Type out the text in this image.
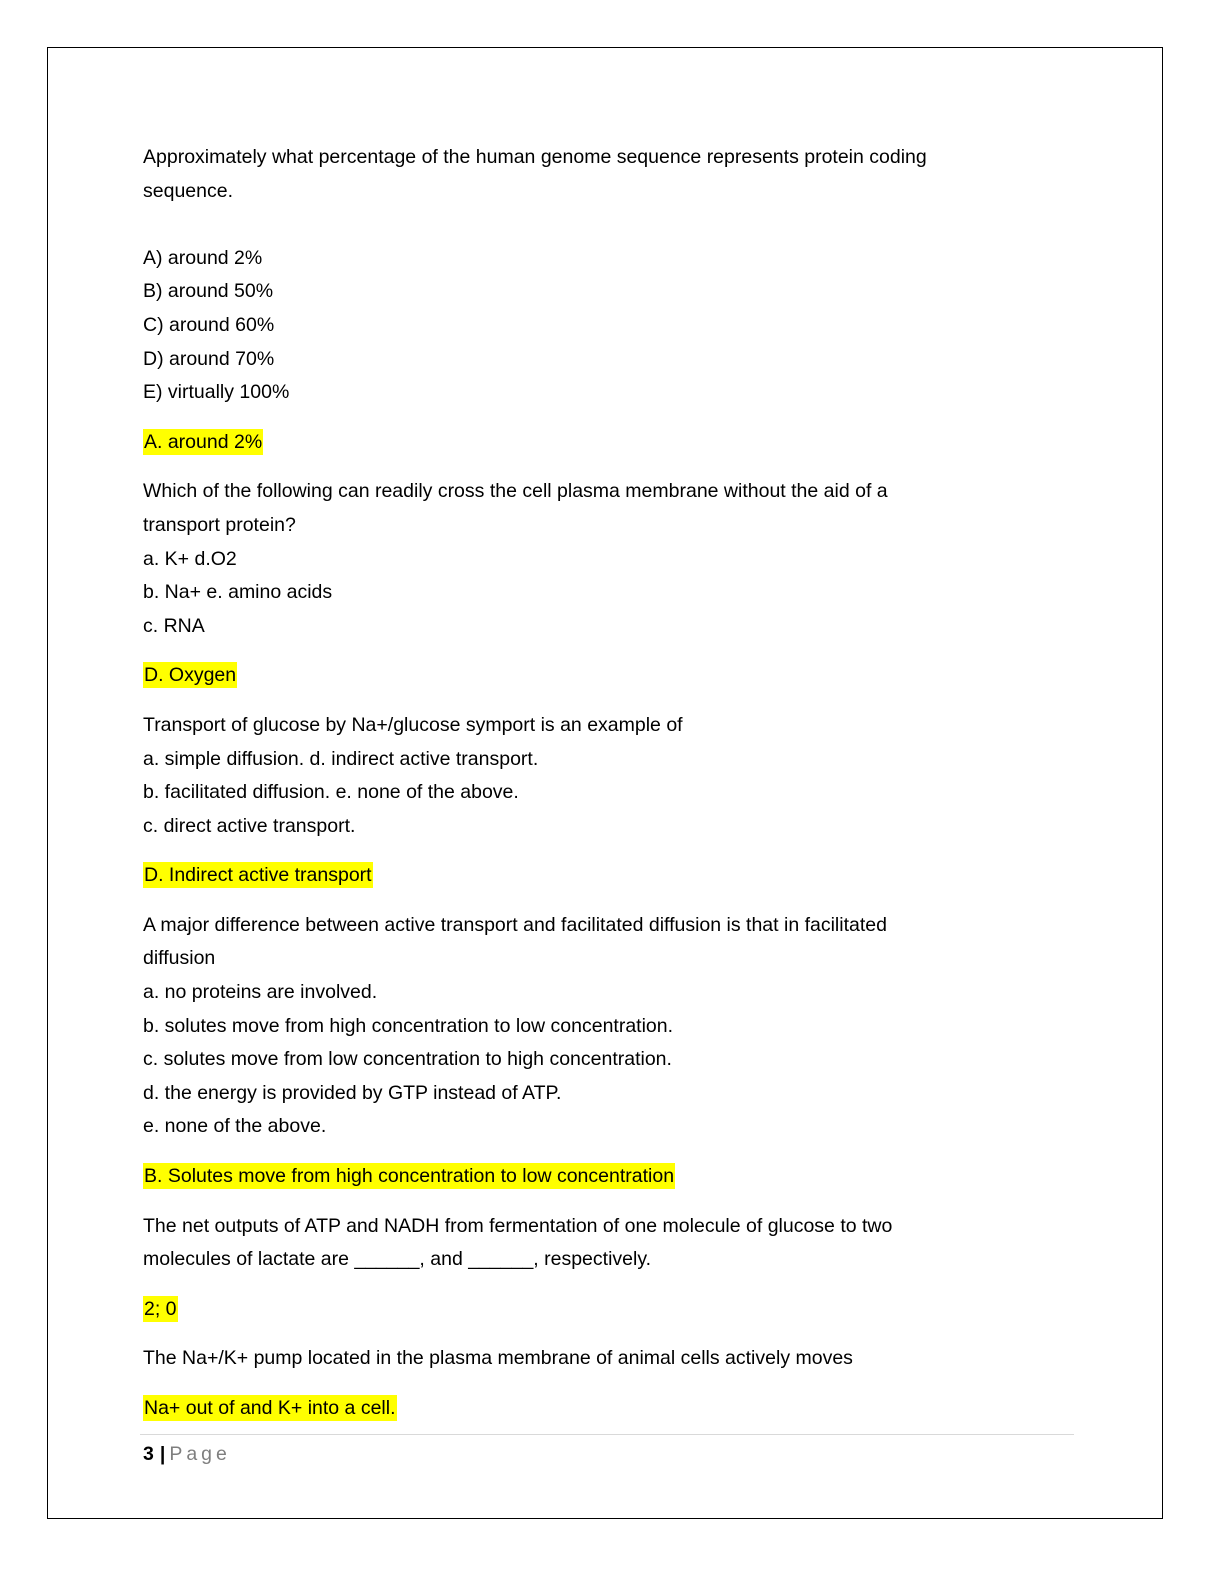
Approximately what percentage of the human genome sequence represents protein coding
sequence.
A) around 2%
B) around 50%
C) around 60%
D) around 70%
E) virtually 100%
A. around 2%
Which of the following can readily cross the cell plasma membrane without the aid of a
transport protein?
a. K+ d.O2
b. Na+ e. amino acids
c. RNA
D. Oxygen
Transport of glucose by Na+/glucose symport is an example of
a. simple diffusion. d. indirect active transport.
b. facilitated diffusion. e. none of the above.
c. direct active transport.
D. Indirect active transport
A major difference between active transport and facilitated diffusion is that in facilitated
diffusion
a. no proteins are involved.
b. solutes move from high concentration to low concentration.
c. solutes move from low concentration to high concentration.
d. the energy is provided by GTP instead of ATP.
e. none of the above.
B. Solutes move from high concentration to low concentration
The net outputs of ATP and NADH from fermentation of one molecule of glucose to two
molecules of lactate are ______, and ______, respectively.
2; 0
The Na+/K+ pump located in the plasma membrane of animal cells actively moves
Na+ out of and K+ into a cell.
3 | Page
